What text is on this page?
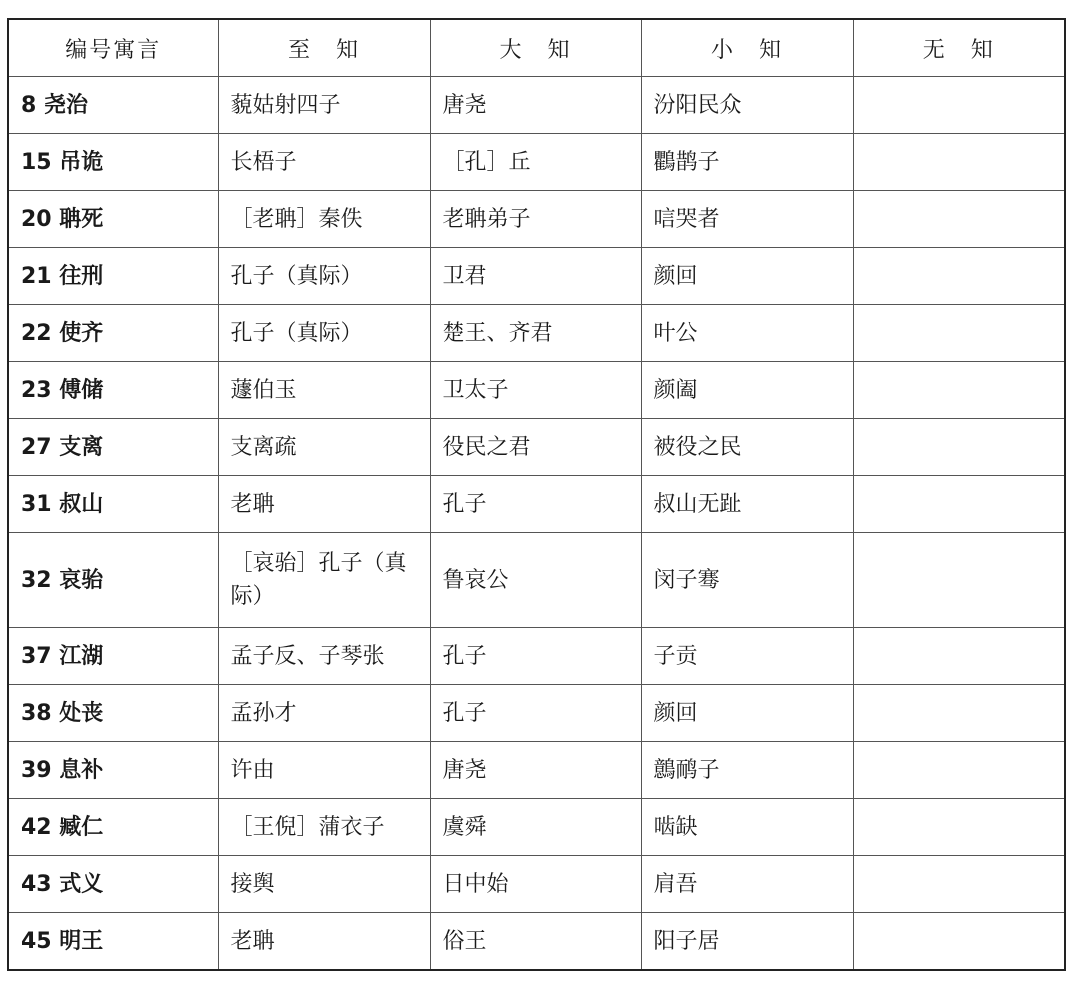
编号寓言	至　知	大　知	小　知	无　知
8 尧治	藐姑射四子	唐尧	汾阳民众	
15 吊诡	长梧子	［孔］丘	鸜鹊子	
20 聃死	［老聃］秦佚	老聃弟子	唁哭者	
21 往刑	孔子（真际）	卫君	颜回	
22 使齐	孔子（真际）	楚王、齐君	叶公	
23 傅储	蘧伯玉	卫太子	颜阖	
27 支离	支离疏	役民之君	被役之民	
31 叔山	老聃	孔子	叔山无趾	
32 哀骀	［哀骀］孔子（真际）	鲁哀公	闵子骞	
37 江湖	孟子反、子琴张	孔子	子贡	
38 处丧	孟孙才	孔子	颜回	
39 息补	许由	唐尧	鷾鸸子	
42 臧仁	［王倪］蒲衣子	虞舜	啮缺	
43 式义	接舆	日中始	肩吾	
45 明王	老聃	俗王	阳子居	
